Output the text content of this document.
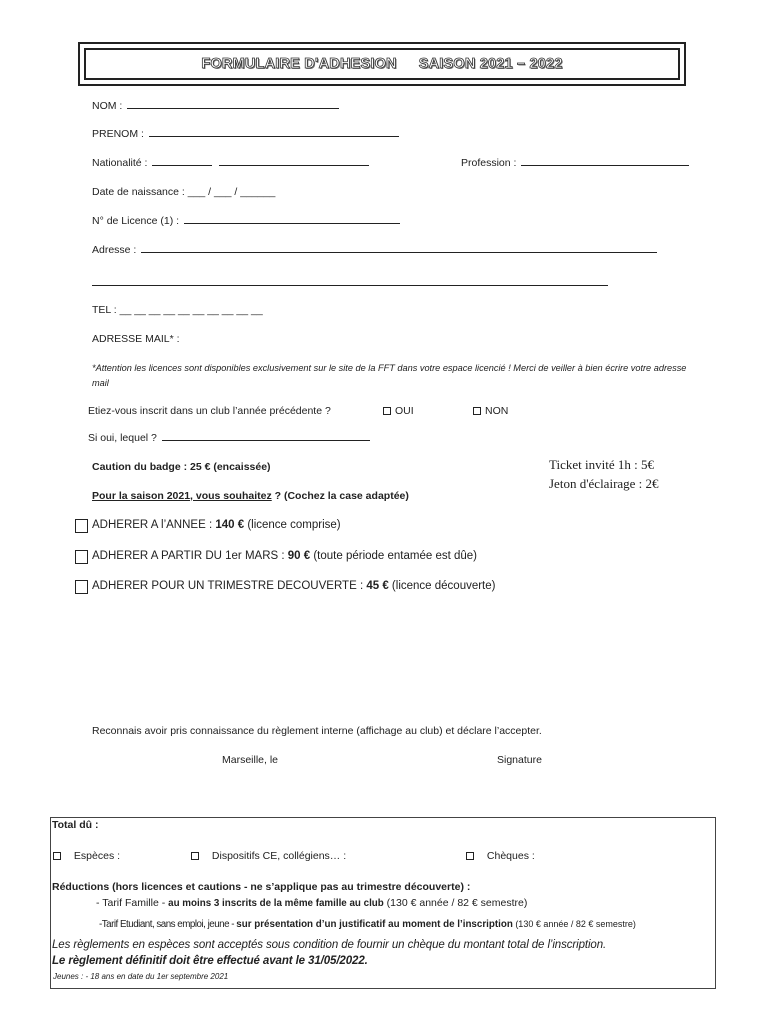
FORMULAIRE D'ADHESION SAISON 2021 – 2022
NOM :
PRENOM :
Nationalité :	Profession :
Date de naissance : ___ / ___ / ______
N° de Licence (1) :
Adresse :
TEL : __ __ __ __ __ __ __ __ __ __
ADRESSE MAIL* :
*Attention les licences sont disponibles exclusivement sur le site de la FFT dans votre espace licencié ! Merci de veiller à bien écrire votre adresse mail
Etiez-vous inscrit dans un club l’année précédente ?	OUI	NON
Si oui, lequel ?
Caution du badge : 25 € (encaissée)	Ticket invité 1h : 5€
Jeton d'éclairage : 2€
Pour la saison 2021, vous souhaitez ? (Cochez la case adaptée)
ADHERER A l’ANNEE : 140 € (licence comprise)
ADHERER A PARTIR DU 1er MARS : 90 € (toute période entamée est dûe)
ADHERER POUR UN TRIMESTRE DECOUVERTE : 45 € (licence découverte)
Reconnais avoir pris connaissance du règlement interne (affichage au club) et déclare l’accepter.
Marseille, le	Signature
Total dû :
Espèces :	Dispositifs CE, collégiens… :	Chèques :
Réductions (hors licences et cautions - ne s’applique pas au trimestre découverte) :
- Tarif Famille - au moins 3 inscrits de la même famille au club (130 € année / 82 € semestre)
-Tarif Etudiant, sans emploi, jeune - sur présentation d’un justificatif au moment de l’inscription (130 € année / 82 € semestre)
Les règlements en espèces sont acceptés sous condition de fournir un chèque du montant total de l’inscription.
Le règlement définitif doit être effectué avant le 31/05/2022.
Jeunes : - 18 ans en date du 1er septembre 2021
